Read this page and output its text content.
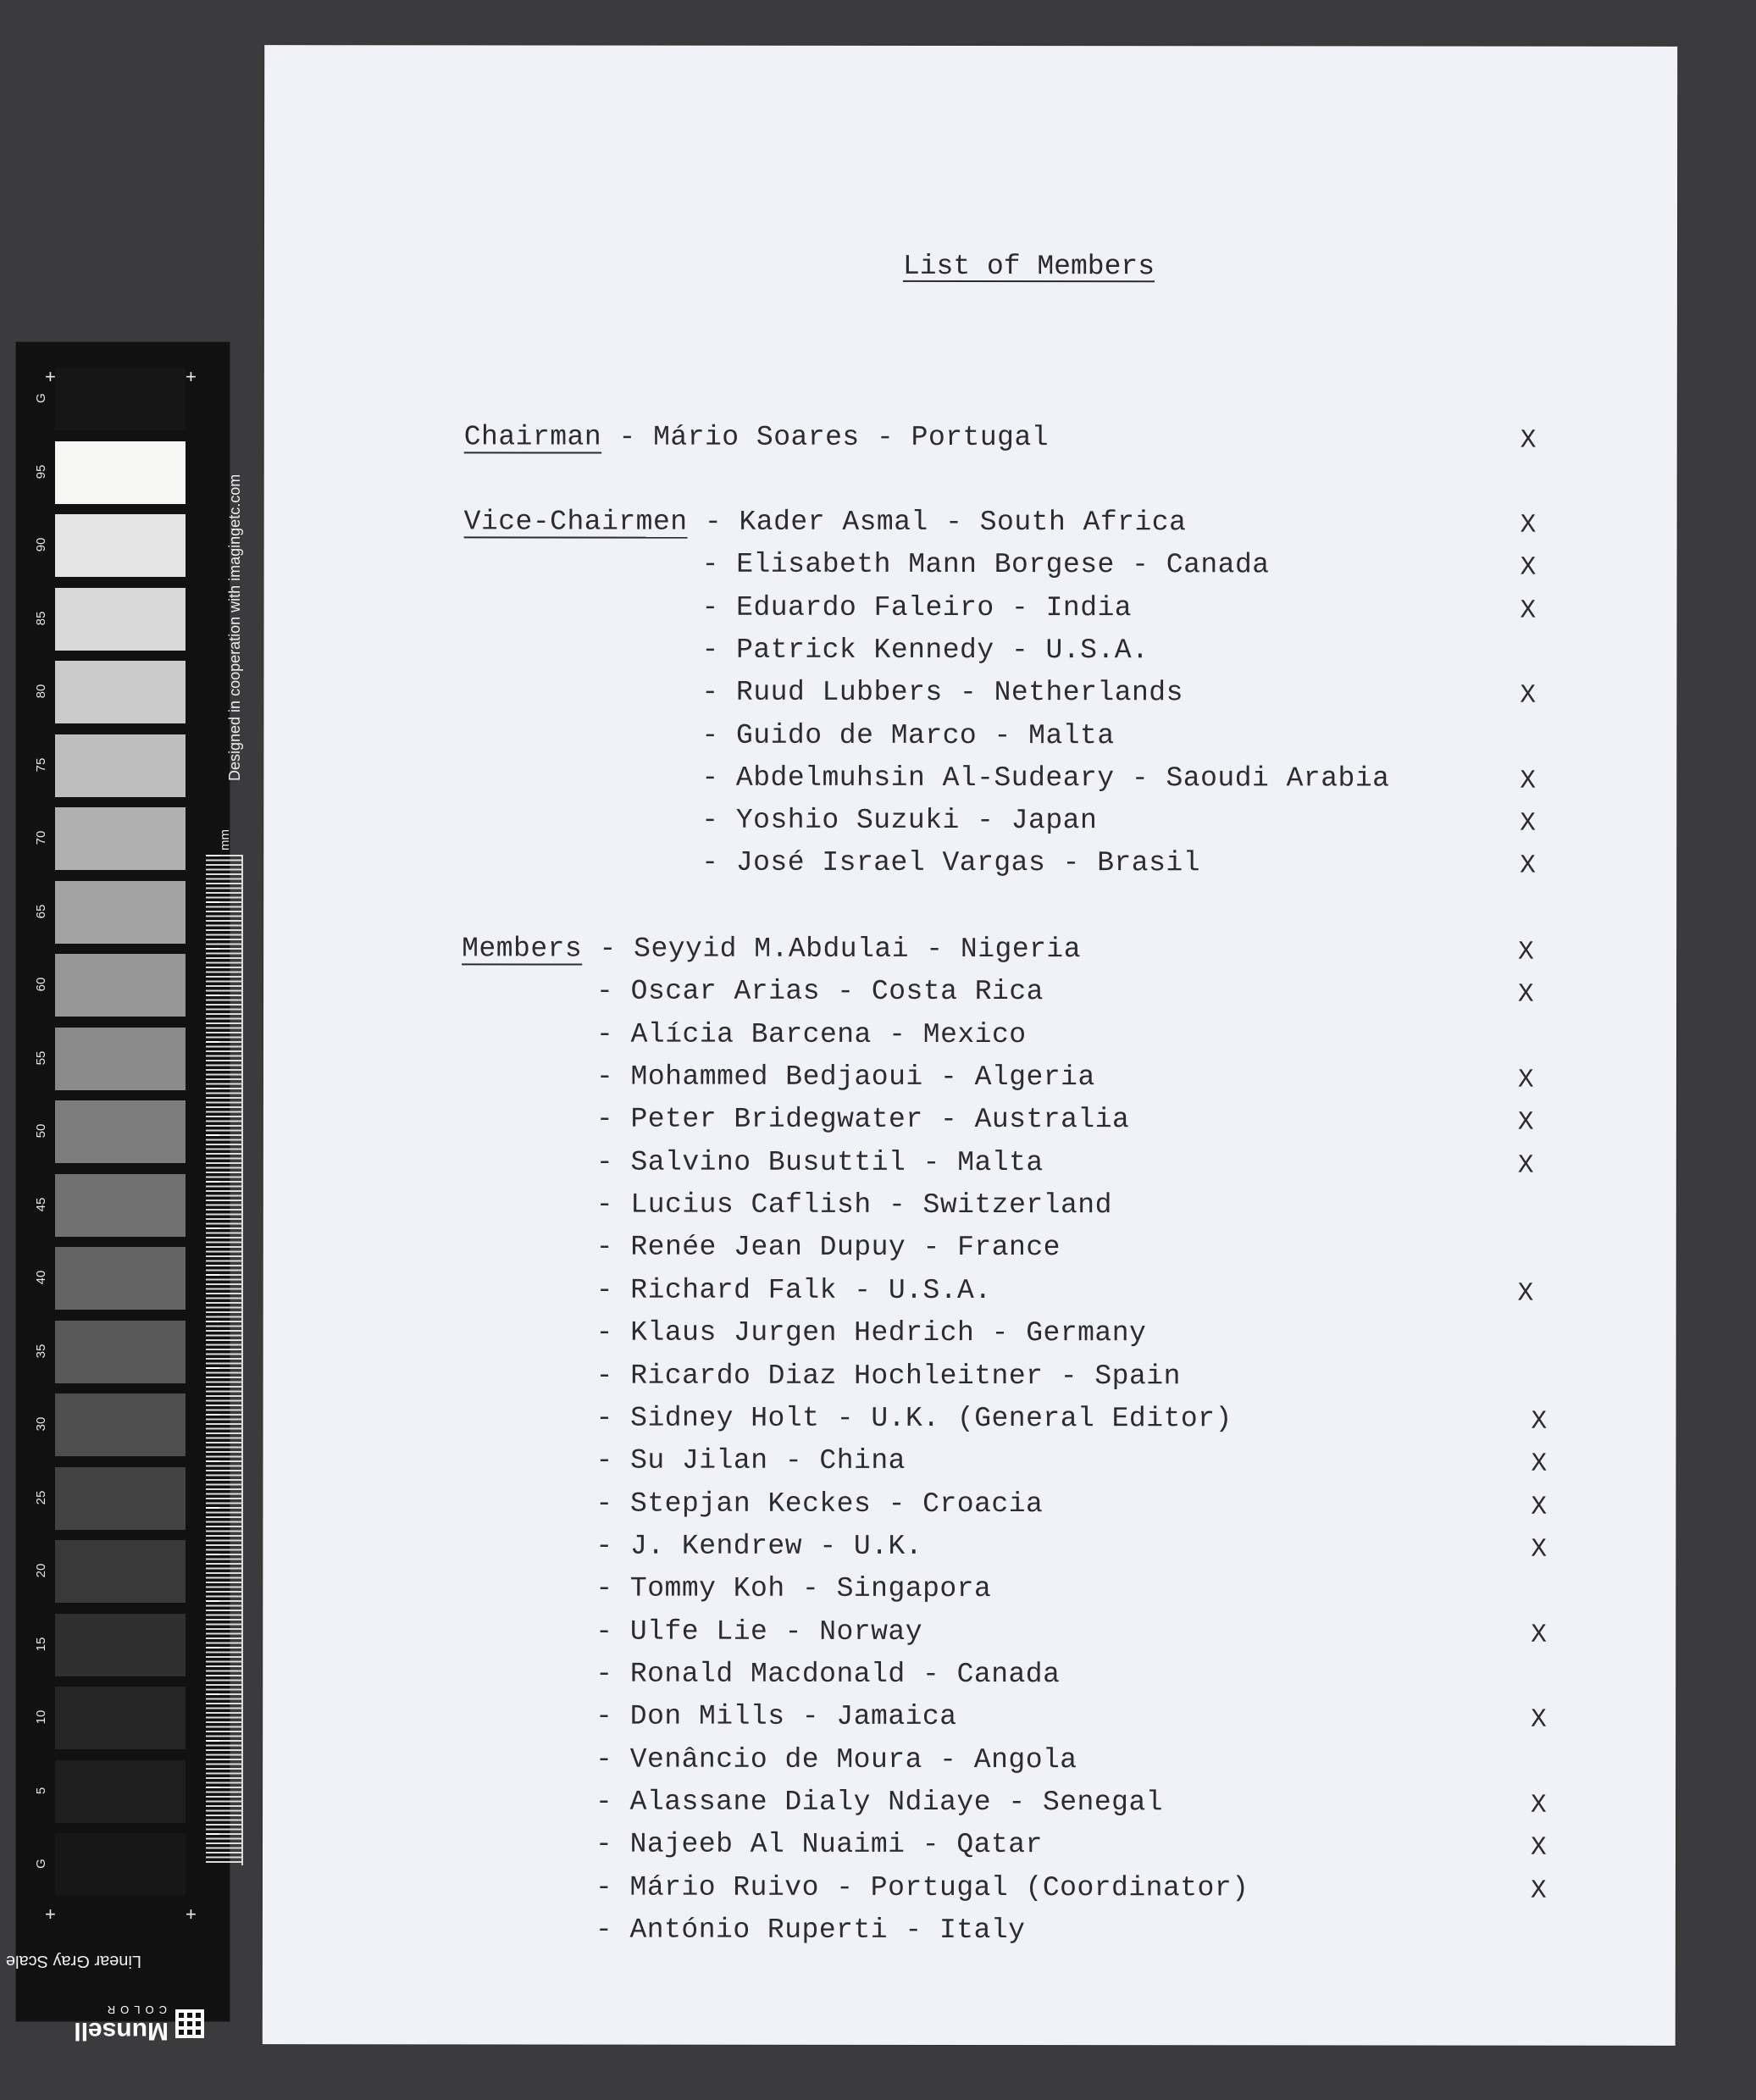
G
95
90
85
80
75
70
65
60
55
50
45
40
35
30
25
20
15
10
5
G
+	+
+	+
Designed in cooperation with imagingetc.com
mm
Linear Gray Scale
Munsell
COLOR
List of Members
Chairman - Mário Soares - Portugal	X
Vice-Chairmen - Kader Asmal - South Africa	X
- Elisabeth Mann Borgese - Canada	X
- Eduardo Faleiro - India	X
- Patrick Kennedy - U.S.A.
- Ruud Lubbers - Netherlands	X
- Guido de Marco - Malta
- Abdelmuhsin Al-Sudeary - Saoudi Arabia	X
- Yoshio Suzuki - Japan	X
- José Israel Vargas - Brasil	X
Members - Seyyid M.Abdulai - Nigeria	X
- Oscar Arias - Costa Rica	X
- Alícia Barcena - Mexico
- Mohammed Bedjaoui - Algeria	X
- Peter Bridegwater - Australia	X
- Salvino Busuttil - Malta	X
- Lucius Caflish - Switzerland
- Renée Jean Dupuy - France
- Richard Falk - U.S.A.	X
- Klaus Jurgen Hedrich - Germany
- Ricardo Diaz Hochleitner - Spain
- Sidney Holt - U.K. (General Editor)	X
- Su Jilan - China	X
- Stepjan Keckes - Croacia	X
- J. Kendrew - U.K.	X
- Tommy Koh - Singapora
- Ulfe Lie - Norway	X
- Ronald Macdonald - Canada
- Don Mills - Jamaica	X
- Venâncio de Moura - Angola
- Alassane Dialy Ndiaye - Senegal	X
- Najeeb Al Nuaimi - Qatar	X
- Mário Ruivo - Portugal (Coordinator)	X
- António Ruperti - Italy
